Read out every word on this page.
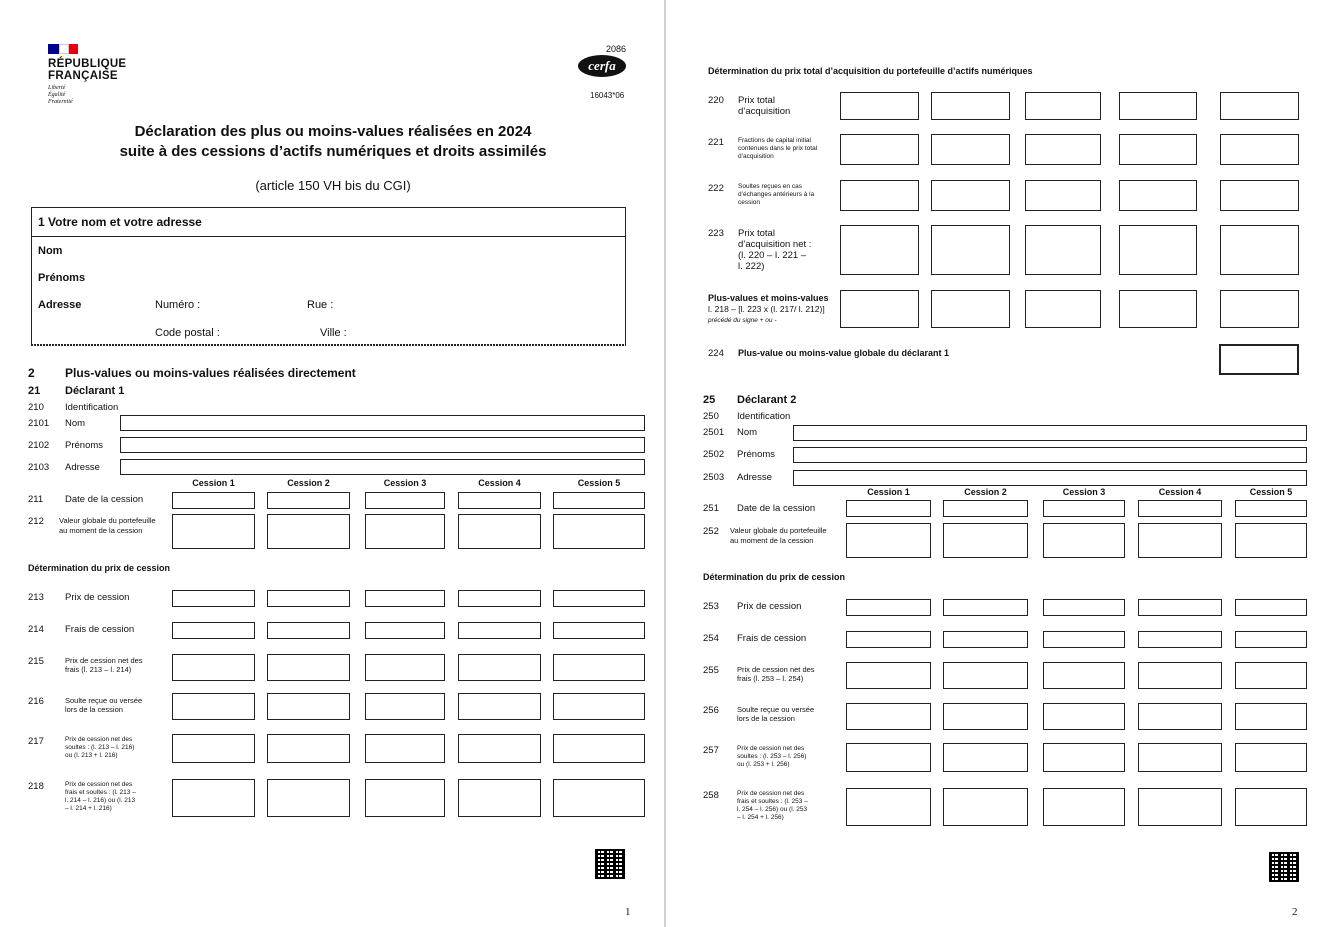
RÉPUBLIQUE
FRANÇAISE
Liberté
Égalité
Fraternité
2086
cerfa
16043*06
Déclaration des plus ou moins-values réalisées en 2024
suite à des cessions d’actifs numériques et droits assimilés
(article 150 VH bis du CGI)
1 Votre nom et votre adresse
Nom
Prénoms
Adresse	Numéro :	Rue :
Code postal :	Ville :
2	Plus-values ou moins-values réalisées directement
21 Déclarant 1
210 Identification
2101 Nom
2102 Prénoms
2103 Adresse
Cession 1	Cession 2	Cession 3	Cession 4	Cession 5
211 Date de la cession
212 Valeur globale du portefeuille au moment de la cession
Détermination du prix de cession
213 Prix de cession
214 Frais de cession
215	Prix de cession net des frais (l. 213 – l. 214)
216	Soulte reçue ou versée lors de la cession
217	Prix de cession net des soultes : (l. 213 – l. 216) ou (l. 213 + l. 216)
218	Prix de cession net des frais et soultes : (l. 213 – l. 214 – l. 216) ou (l. 213 – l. 214 + l. 216)
1
Détermination du prix total d’acquisition du portefeuille d’actifs numériques
220 Prix total d’acquisition
221 Fractions de capital initial contenues dans le prix total d’acquisition
222 Soultes reçues en cas d’échanges antérieurs à la cession
223 Prix total d’acquisition net : (l. 220 – l. 221 – l. 222)
Plus-values et moins-values
l. 218 – [l. 223 x (l. 217/ l. 212)] précédé du signe + ou -
224 Plus-value ou moins-value globale du déclarant 1
25 Déclarant 2
250 Identification
2501 Nom
2502 Prénoms
2503 Adresse
Cession 1	Cession 2	Cession 3	Cession 4	Cession 5
251 Date de la cession
252 Valeur globale du portefeuille au moment de la cession
Détermination du prix de cession
253 Prix de cession
254 Frais de cession
255 Prix de cession net des frais (l. 253 – l. 254)
256 Soulte reçue ou versée lors de la cession
257	Prix de cession net des soultes : (l. 253 – l. 256) ou (l. 253 + l. 256)
258	Prix de cession net des frais et soultes : (l. 253 – l. 254 – l. 256) ou (l. 253 – l. 254 + l. 256)
2
